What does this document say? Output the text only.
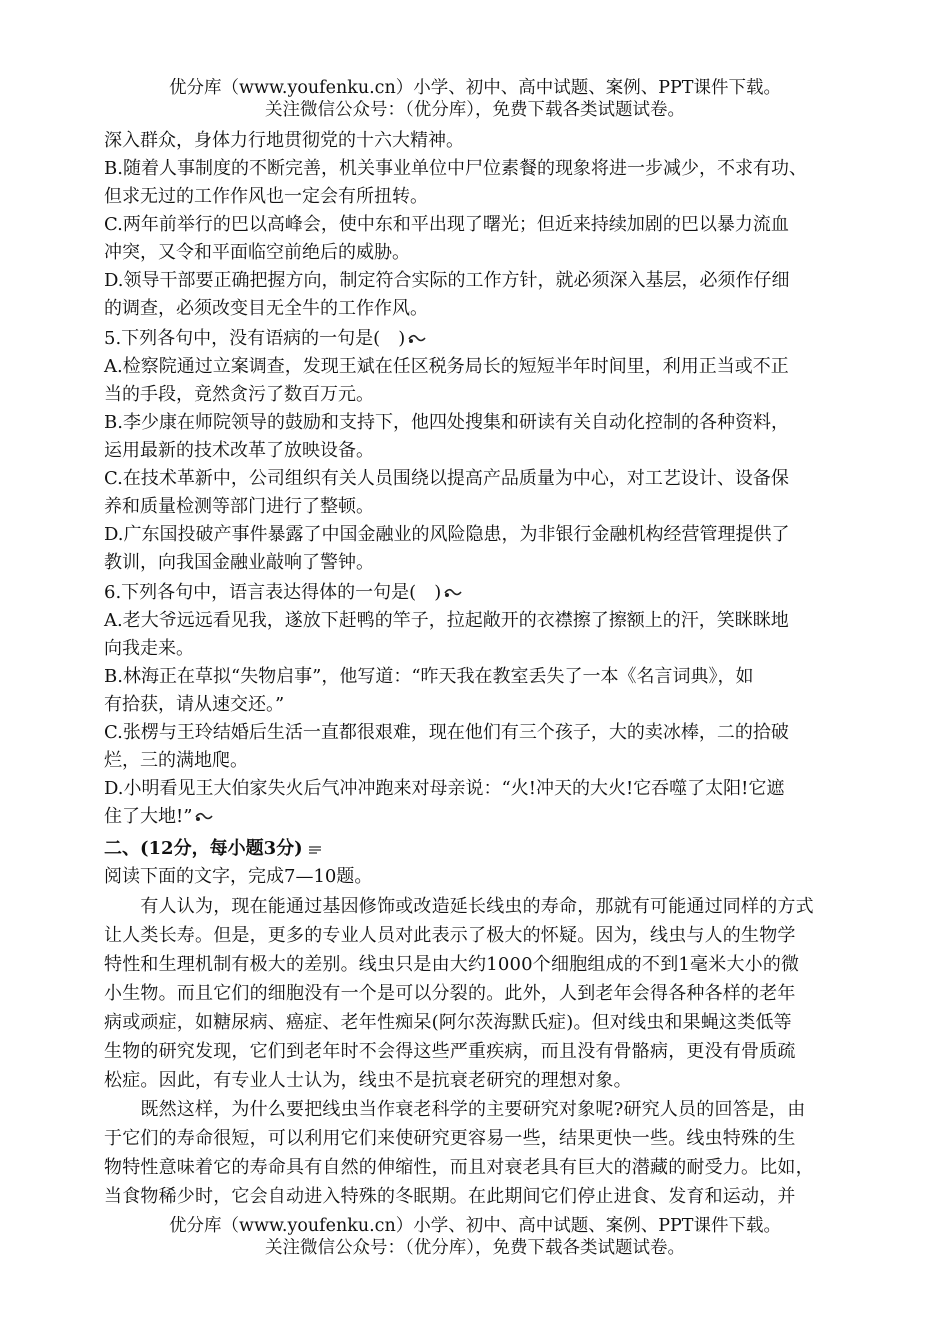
优分库（www.youfenku.cn）小学、初中、高中试题、案例、PPT课件下载。
关注微信公众号：（优分库），免费下载各类试题试卷。
深入群众，身体力行地贯彻党的十六大精神。
B.随着人事制度的不断完善，机关事业单位中尸位素餐的现象将进一步减少，不求有功、
但求无过的工作作风也一定会有所扭转。
C.两年前举行的巴以高峰会，使中东和平出现了曙光；但近来持续加剧的巴以暴力流血
冲突，又令和平面临空前绝后的威胁。
D.领导干部要正确把握方向，制定符合实际的工作方针，就必须深入基层，必须作仔细
的调查，必须改变目无全牛的工作作风。
5.下列各句中，没有语病的一句是(　)
A.检察院通过立案调查，发现王斌在任区税务局长的短短半年时间里，利用正当或不正
当的手段，竟然贪污了数百万元。
B.李少康在师院领导的鼓励和支持下，他四处搜集和研读有关自动化控制的各种资料，
运用最新的技术改革了放映设备。
C.在技术革新中，公司组织有关人员围绕以提高产品质量为中心，对工艺设计、设备保
养和质量检测等部门进行了整顿。
D.广东国投破产事件暴露了中国金融业的风险隐患，为非银行金融机构经营管理提供了
教训，向我国金融业敲响了警钟。
6.下列各句中，语言表达得体的一句是(　)
A.老大爷远远看见我，遂放下赶鸭的竿子，拉起敞开的衣襟擦了擦额上的汗，笑眯眯地
向我走来。
B.林海正在草拟“失物启事”，他写道：“昨天我在教室丢失了一本《名言词典》，如
有拾获，请从速交还。”
C.张楞与王玲结婚后生活一直都很艰难，现在他们有三个孩子，大的卖冰棒，二的拾破
烂，三的满地爬。
D.小明看见王大伯家失火后气冲冲跑来对母亲说：“火!冲天的大火!它吞噬了太阳!它遮
住了大地!”
二、(12分，每小题3分)
阅读下面的文字，完成7—10题。
　　有人认为，现在能通过基因修饰或改造延长线虫的寿命，那就有可能通过同样的方式
让人类长寿。但是，更多的专业人员对此表示了极大的怀疑。因为，线虫与人的生物学
特性和生理机制有极大的差别。线虫只是由大约1000个细胞组成的不到1毫米大小的微
小生物。而且它们的细胞没有一个是可以分裂的。此外，人到老年会得各种各样的老年
病或顽症，如糖尿病、癌症、老年性痴呆(阿尔茨海默氏症)。但对线虫和果蝇这类低等
生物的研究发现，它们到老年时不会得这些严重疾病，而且没有骨骼病，更没有骨质疏
松症。因此，有专业人士认为，线虫不是抗衰老研究的理想对象。
　　既然这样，为什么要把线虫当作衰老科学的主要研究对象呢?研究人员的回答是，由
于它们的寿命很短，可以利用它们来使研究更容易一些，结果更快一些。线虫特殊的生
物特性意味着它的寿命具有自然的伸缩性，而且对衰老具有巨大的潜藏的耐受力。比如，
当食物稀少时，它会自动进入特殊的冬眠期。在此期间它们停止进食、发育和运动，并
优分库（www.youfenku.cn）小学、初中、高中试题、案例、PPT课件下载。
关注微信公众号：（优分库），免费下载各类试题试卷。
